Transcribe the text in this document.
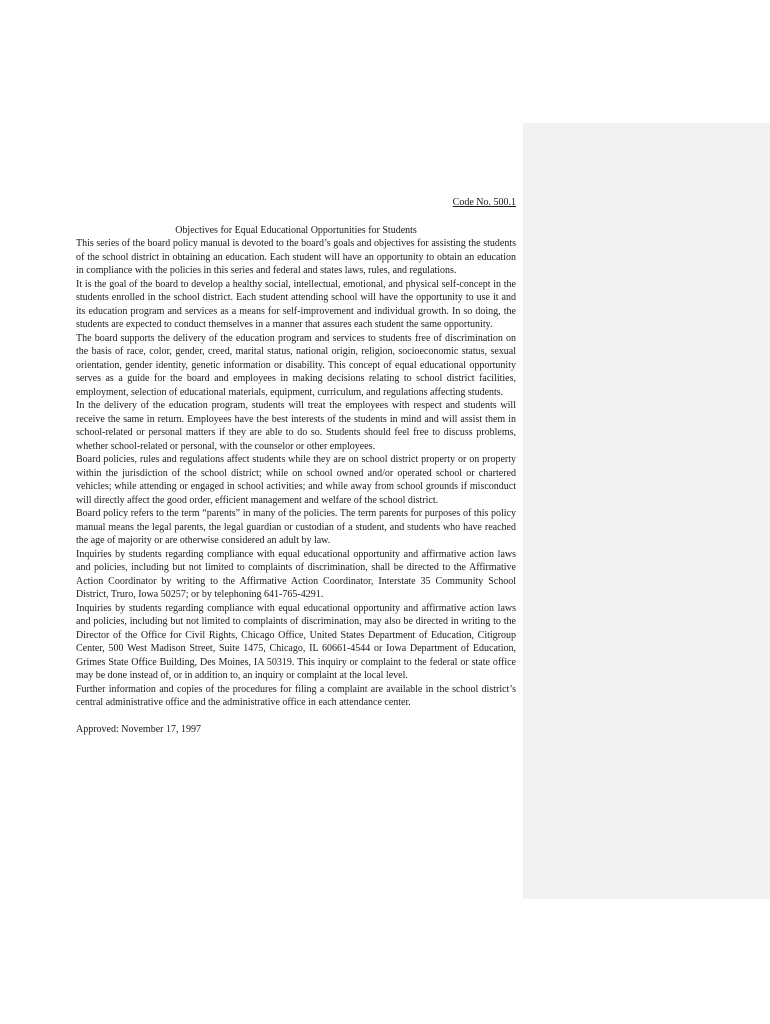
Code No. 500.1
Objectives for Equal Educational Opportunities for Students

This series of the board policy manual is devoted to the board’s goals and objectives for assisting the students of the school district in obtaining an education. Each student will have an opportunity to obtain an education in compliance with the policies in this series and federal and states laws, rules, and regulations.

It is the goal of the board to develop a healthy social, intellectual, emotional, and physical self-concept in the students enrolled in the school district. Each student attending school will have the opportunity to use it and its education program and services as a means for self-improvement and individual growth. In so doing, the students are expected to conduct themselves in a manner that assures each student the same opportunity.

The board supports the delivery of the education program and services to students free of discrimination on the basis of race, color, gender, creed, marital status, national origin, religion, socioeconomic status, sexual orientation, gender identity, genetic information or disability. This concept of equal educational opportunity serves as a guide for the board and employees in making decisions relating to school district facilities, employment, selection of educational materials, equipment, curriculum, and regulations affecting students.

In the delivery of the education program, students will treat the employees with respect and students will receive the same in return. Employees have the best interests of the students in mind and will assist them in school-related or personal matters if they are able to do so. Students should feel free to discuss problems, whether school-related or personal, with the counselor or other employees.

Board policies, rules and regulations affect students while they are on school district property or on property within the jurisdiction of the school district; while on school owned and/or operated school or chartered vehicles; while attending or engaged in school activities; and while away from school grounds if misconduct will directly affect the good order, efficient management and welfare of the school district.

Board policy refers to the term “parents” in many of the policies. The term parents for purposes of this policy manual means the legal parents, the legal guardian or custodian of a student, and students who have reached the age of majority or are otherwise considered an adult by law.

Inquiries by students regarding compliance with equal educational opportunity and affirmative action laws and policies, including but not limited to complaints of discrimination, shall be directed to the Affirmative Action Coordinator by writing to the Affirmative Action Coordinator, Interstate 35 Community School District, Truro, Iowa 50257; or by telephoning 641-765-4291.

Inquiries by students regarding compliance with equal educational opportunity and affirmative action laws and policies, including but not limited to complaints of discrimination, may also be directed in writing to the Director of the Office for Civil Rights, Chicago Office, United States Department of Education, Citigroup Center, 500 West Madison Street, Suite 1475, Chicago, IL 60661-4544 or Iowa Department of Education, Grimes State Office Building, Des Moines, IA 50319. This inquiry or complaint to the federal or state office may be done instead of, or in addition to, an inquiry or complaint at the local level.

Further information and copies of the procedures for filing a complaint are available in the school district’s central administrative office and the administrative office in each attendance center.

Approved: November 17, 1997
